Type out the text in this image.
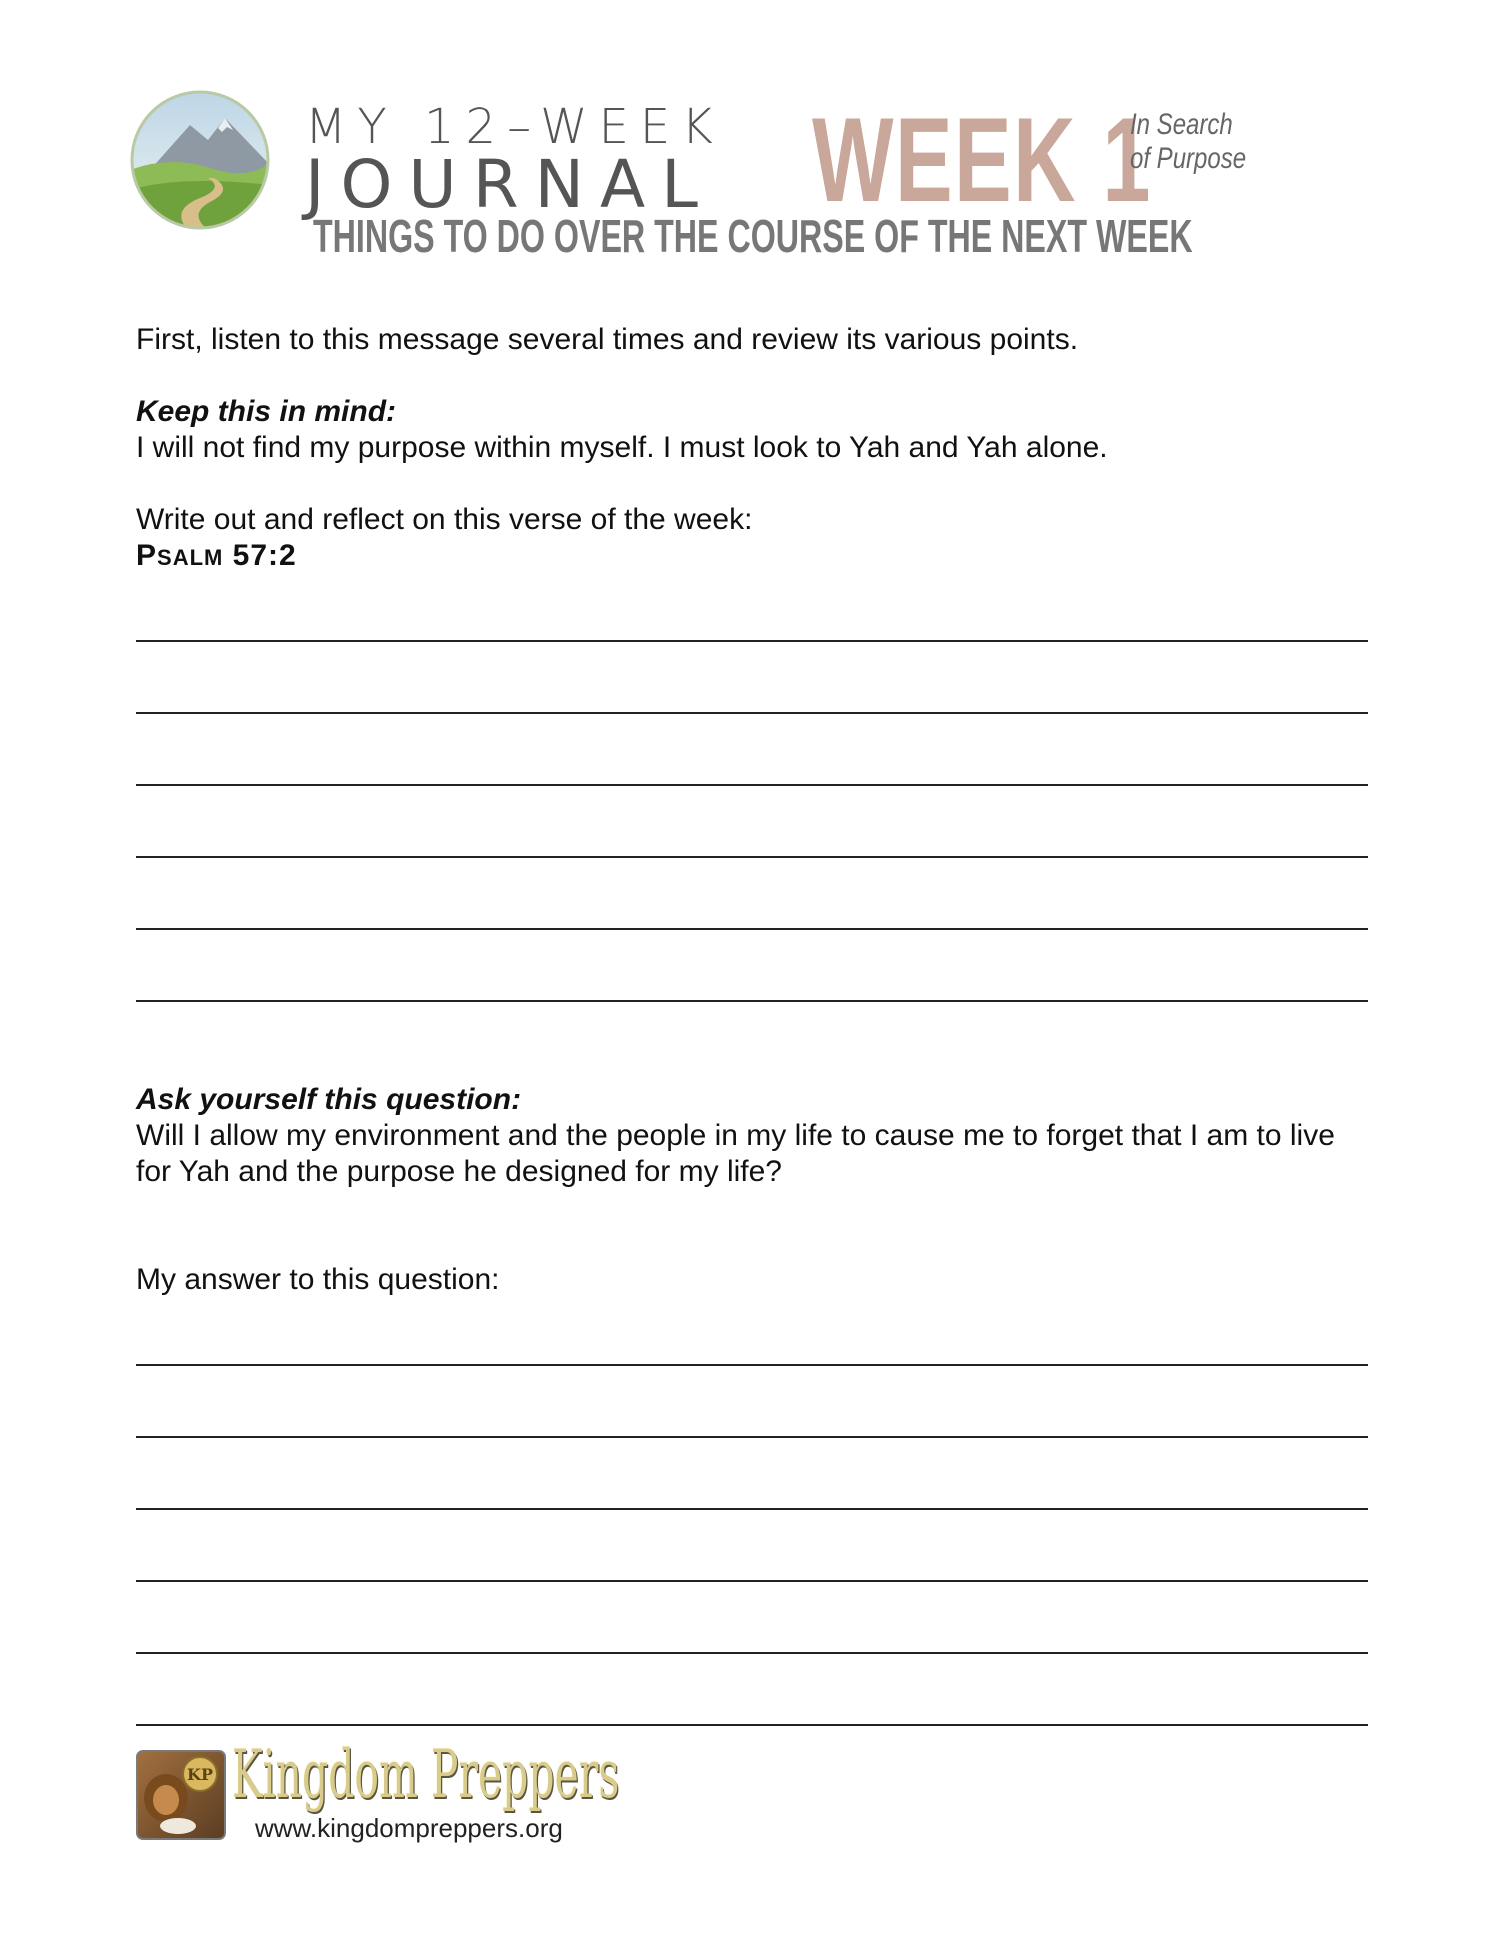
MY 12–WEEK
JOURNAL WEEK 1
In Search
of Purpose
THINGS TO DO OVER THE COURSE OF THE NEXT WEEK
First, listen to this message several times and review its various points.
Keep this in mind:
I will not find my purpose within myself. I must look to Yah and Yah alone.
Write out and reflect on this verse of the week:
PSALM 57:2
Ask yourself this question:
Will I allow my environment and the people in my life to cause me to forget that I am to live
for Yah and the purpose he designed for my life?
My answer to this question:
KP Kingdom Preppers
www.kingdompreppers.org
